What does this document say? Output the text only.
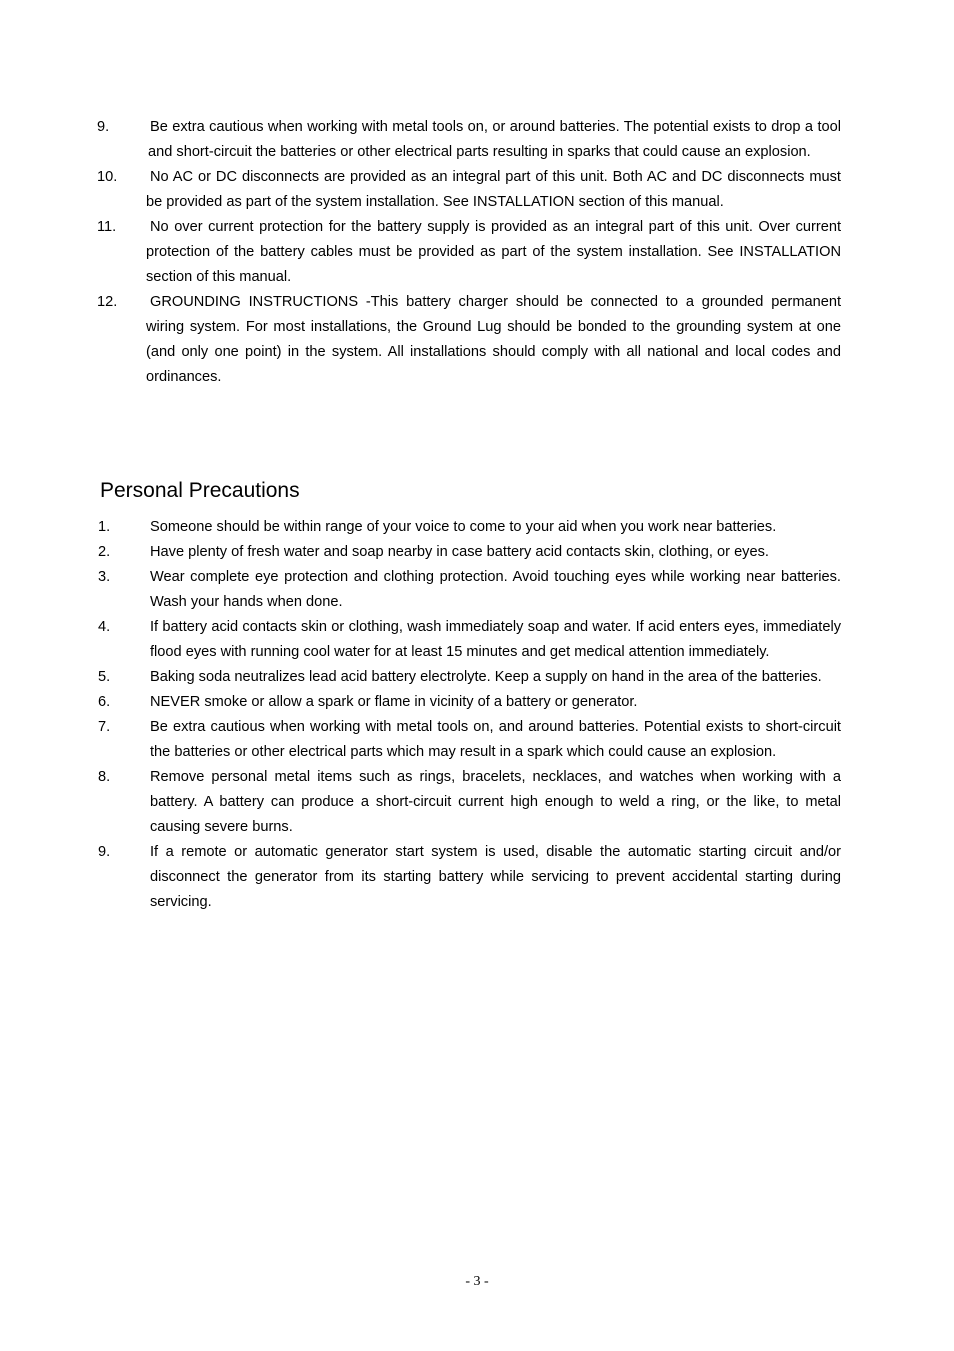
9.	Be extra cautious when working with metal tools on, or around batteries. The potential exists to drop a tool and short-circuit the batteries or other electrical parts resulting in sparks that could cause an explosion.
10.	No AC or DC disconnects are provided as an integral part of this unit. Both AC and DC disconnects must be provided as part of the system installation. See INSTALLATION section of this manual.
11.	No over current protection for the battery supply is provided as an integral part of this unit. Over current protection of the battery cables must be provided as part of the system installation. See INSTALLATION section of this manual.
12.	GROUNDING INSTRUCTIONS -This battery charger should be connected to a grounded permanent wiring system. For most installations, the Ground Lug should be bonded to the grounding system at one (and only one point) in the system. All installations should comply with all national and local codes and ordinances.
Personal Precautions
1.	Someone should be within range of your voice to come to your aid when you work near batteries.
2.	Have plenty of fresh water and soap nearby in case battery acid contacts skin, clothing, or eyes.
3.	Wear complete eye protection and clothing protection. Avoid touching eyes while working near batteries. Wash your hands when done.
4.	If battery acid contacts skin or clothing, wash immediately soap and water. If acid enters eyes, immediately flood eyes with running cool water for at least 15 minutes and get medical attention immediately.
5.	Baking soda neutralizes lead acid battery electrolyte. Keep a supply on hand in the area of the batteries.
6.	NEVER smoke or allow a spark or flame in vicinity of a battery or generator.
7.	Be extra cautious when working with metal tools on, and around batteries. Potential exists to short-circuit the batteries or other electrical parts which may result in a spark which could cause an explosion.
8.	Remove personal metal items such as rings, bracelets, necklaces, and watches when working with a battery. A battery can produce a short-circuit current high enough to weld a ring, or the like, to metal causing severe burns.
9.	If a remote or automatic generator start system is used, disable the automatic starting circuit and/or disconnect the generator from its starting battery while servicing to prevent accidental starting during servicing.
- 3 -
